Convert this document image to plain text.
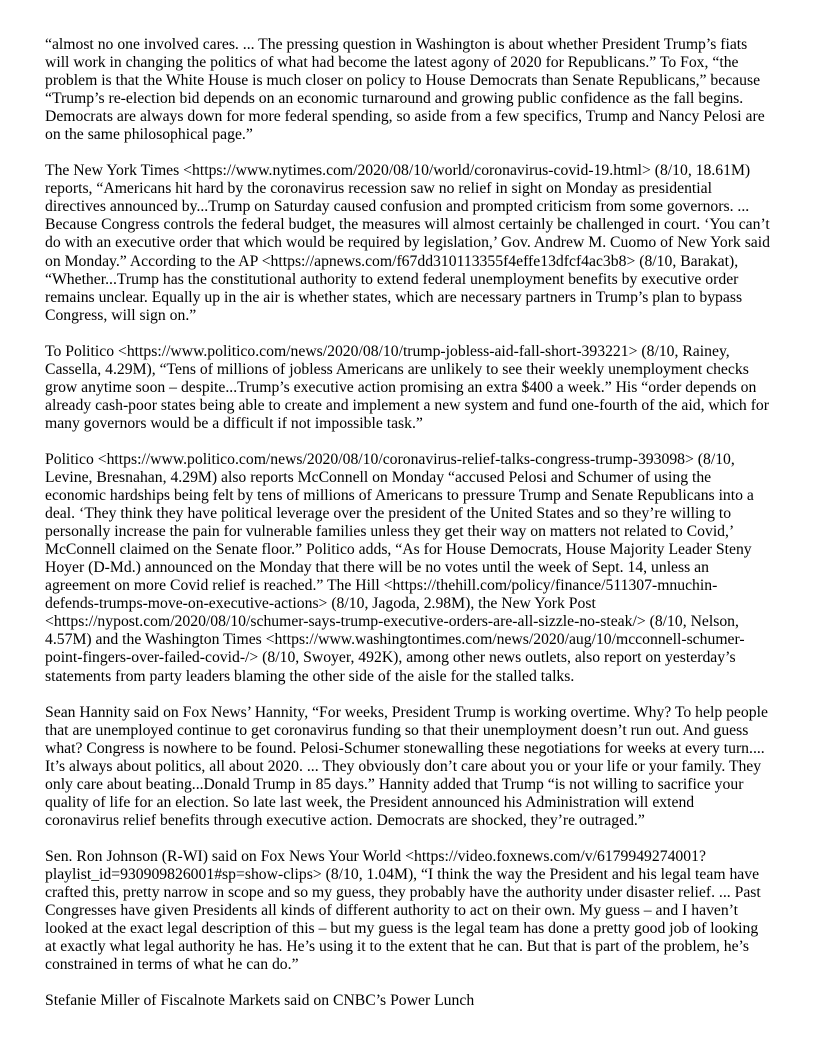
“almost no one involved cares. ... The pressing question in Washington is about whether President Trump’s fiats will work in changing the politics of what had become the latest agony of 2020 for Republicans.” To Fox, “the problem is that the White House is much closer on policy to House Democrats than Senate Republicans,” because “Trump’s re-election bid depends on an economic turnaround and growing public confidence as the fall begins. Democrats are always down for more federal spending, so aside from a few specifics, Trump and Nancy Pelosi are on the same philosophical page.”

The New York Times <https://www.nytimes.com/2020/08/10/world/coronavirus-covid-19.html> (8/10, 18.61M) reports, “Americans hit hard by the coronavirus recession saw no relief in sight on Monday as presidential directives announced by...Trump on Saturday caused confusion and prompted criticism from some governors. ... Because Congress controls the federal budget, the measures will almost certainly be challenged in court. ‘You can’t do with an executive order that which would be required by legislation,’ Gov. Andrew M. Cuomo of New York said on Monday.” According to the AP <https://apnews.com/f67dd310113355f4effe13dfcf4ac3b8> (8/10, Barakat), “Whether...Trump has the constitutional authority to extend federal unemployment benefits by executive order remains unclear. Equally up in the air is whether states, which are necessary partners in Trump’s plan to bypass Congress, will sign on.”

To Politico <https://www.politico.com/news/2020/08/10/trump-jobless-aid-fall-short-393221> (8/10, Rainey, Cassella, 4.29M), “Tens of millions of jobless Americans are unlikely to see their weekly unemployment checks grow anytime soon – despite...Trump’s executive action promising an extra $400 a week.” His “order depends on already cash-poor states being able to create and implement a new system and fund one-fourth of the aid, which for many governors would be a difficult if not impossible task.”

Politico <https://www.politico.com/news/2020/08/10/coronavirus-relief-talks-congress-trump-393098> (8/10, Levine, Bresnahan, 4.29M) also reports McConnell on Monday “accused Pelosi and Schumer of using the economic hardships being felt by tens of millions of Americans to pressure Trump and Senate Republicans into a deal. ‘They think they have political leverage over the president of the United States and so they’re willing to personally increase the pain for vulnerable families unless they get their way on matters not related to Covid,’ McConnell claimed on the Senate floor.” Politico adds, “As for House Democrats, House Majority Leader Steny Hoyer (D-Md.) announced on the Monday that there will be no votes until the week of Sept. 14, unless an agreement on more Covid relief is reached.” The Hill <https://thehill.com/policy/finance/511307-mnuchin-defends-trumps-move-on-executive-actions> (8/10, Jagoda, 2.98M), the New York Post <https://nypost.com/2020/08/10/schumer-says-trump-executive-orders-are-all-sizzle-no-steak/> (8/10, Nelson, 4.57M) and the Washington Times <https://www.washingtontimes.com/news/2020/aug/10/mcconnell-schumer-point-fingers-over-failed-covid-/> (8/10, Swoyer, 492K), among other news outlets, also report on yesterday’s statements from party leaders blaming the other side of the aisle for the stalled talks.

Sean Hannity said on Fox News’ Hannity, “For weeks, President Trump is working overtime. Why? To help people that are unemployed continue to get coronavirus funding so that their unemployment doesn’t run out. And guess what? Congress is nowhere to be found. Pelosi-Schumer stonewalling these negotiations for weeks at every turn.... It’s always about politics, all about 2020. ... They obviously don’t care about you or your life or your family. They only care about beating...Donald Trump in 85 days.” Hannity added that Trump “is not willing to sacrifice your quality of life for an election. So late last week, the President announced his Administration will extend coronavirus relief benefits through executive action. Democrats are shocked, they’re outraged.”

Sen. Ron Johnson (R-WI) said on Fox News Your World <https://video.foxnews.com/v/6179949274001?playlist_id=930909826001#sp=show-clips> (8/10, 1.04M), “I think the way the President and his legal team have crafted this, pretty narrow in scope and so my guess, they probably have the authority under disaster relief. ... Past Congresses have given Presidents all kinds of different authority to act on their own. My guess – and I haven’t looked at the exact legal description of this – but my guess is the legal team has done a pretty good job of looking at exactly what legal authority he has. He’s using it to the extent that he can. But that is part of the problem, he’s constrained in terms of what he can do.”

Stefanie Miller of Fiscalnote Markets said on CNBC’s Power Lunch
